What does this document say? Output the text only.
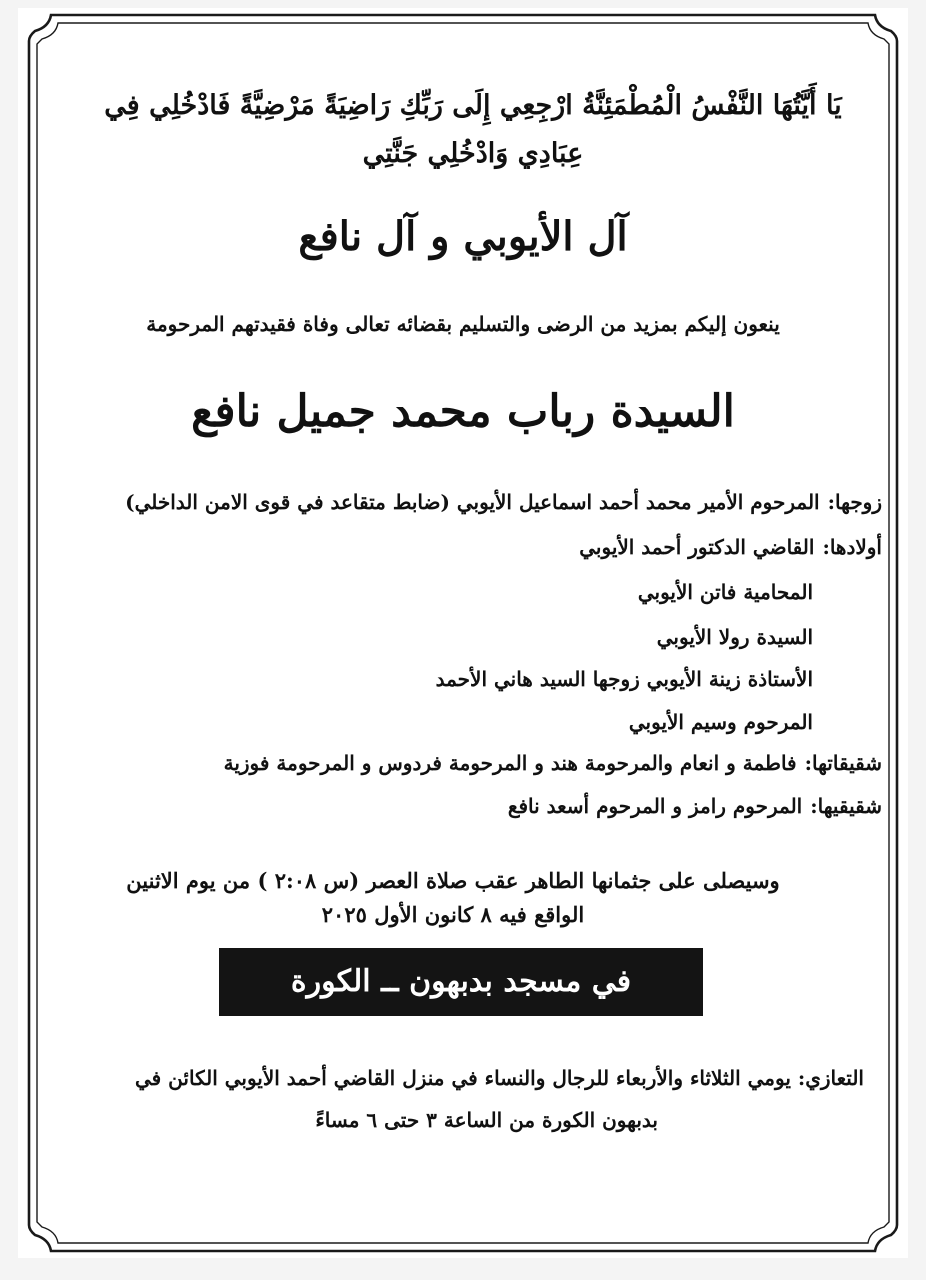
يَا أَيَّتُهَا النَّفْسُ الْمُطْمَئِنَّةُ ارْجِعِي إِلَى رَبِّكِ رَاضِيَةً مَرْضِيَّةً فَادْخُلِي فِي عِبَادِي وَادْخُلِي جَنَّتِي
آل الأيوبي و آل نافع
ينعون إليكم بمزيد من الرضى والتسليم بقضائه تعالى وفاة فقيدتهم المرحومة
السيدة رباب محمد جميل نافع
زوجها:المرحوم الأمير محمد أحمد اسماعيل الأيوبي (ضابط متقاعد في قوى الامن الداخلي)
أولادها:القاضي الدكتور أحمد الأيوبي
المحامية فاتن الأيوبي
السيدة رولا الأيوبي
الأستاذة زينة الأيوبي زوجها السيد هاني الأحمد
المرحوم وسيم الأيوبي
شقيقاتها:فاطمة و انعام والمرحومة هند و المرحومة فردوس و المرحومة فوزية
شقيقيها:المرحوم رامز و المرحوم أسعد نافع
وسيصلى على جثمانها الطاهر عقب صلاة العصر (س ٢:٠٨ ) من يوم الاثنين
الواقع فيه ٨ كانون الأول ٢٠٢٥
في مسجد بدبهون ــ الكورة
التعازي: يومي الثلاثاء والأربعاء للرجال والنساء في منزل القاضي أحمد الأيوبي الكائن في
بدبهون الكورة من الساعة ٣ حتى ٦ مساءً
